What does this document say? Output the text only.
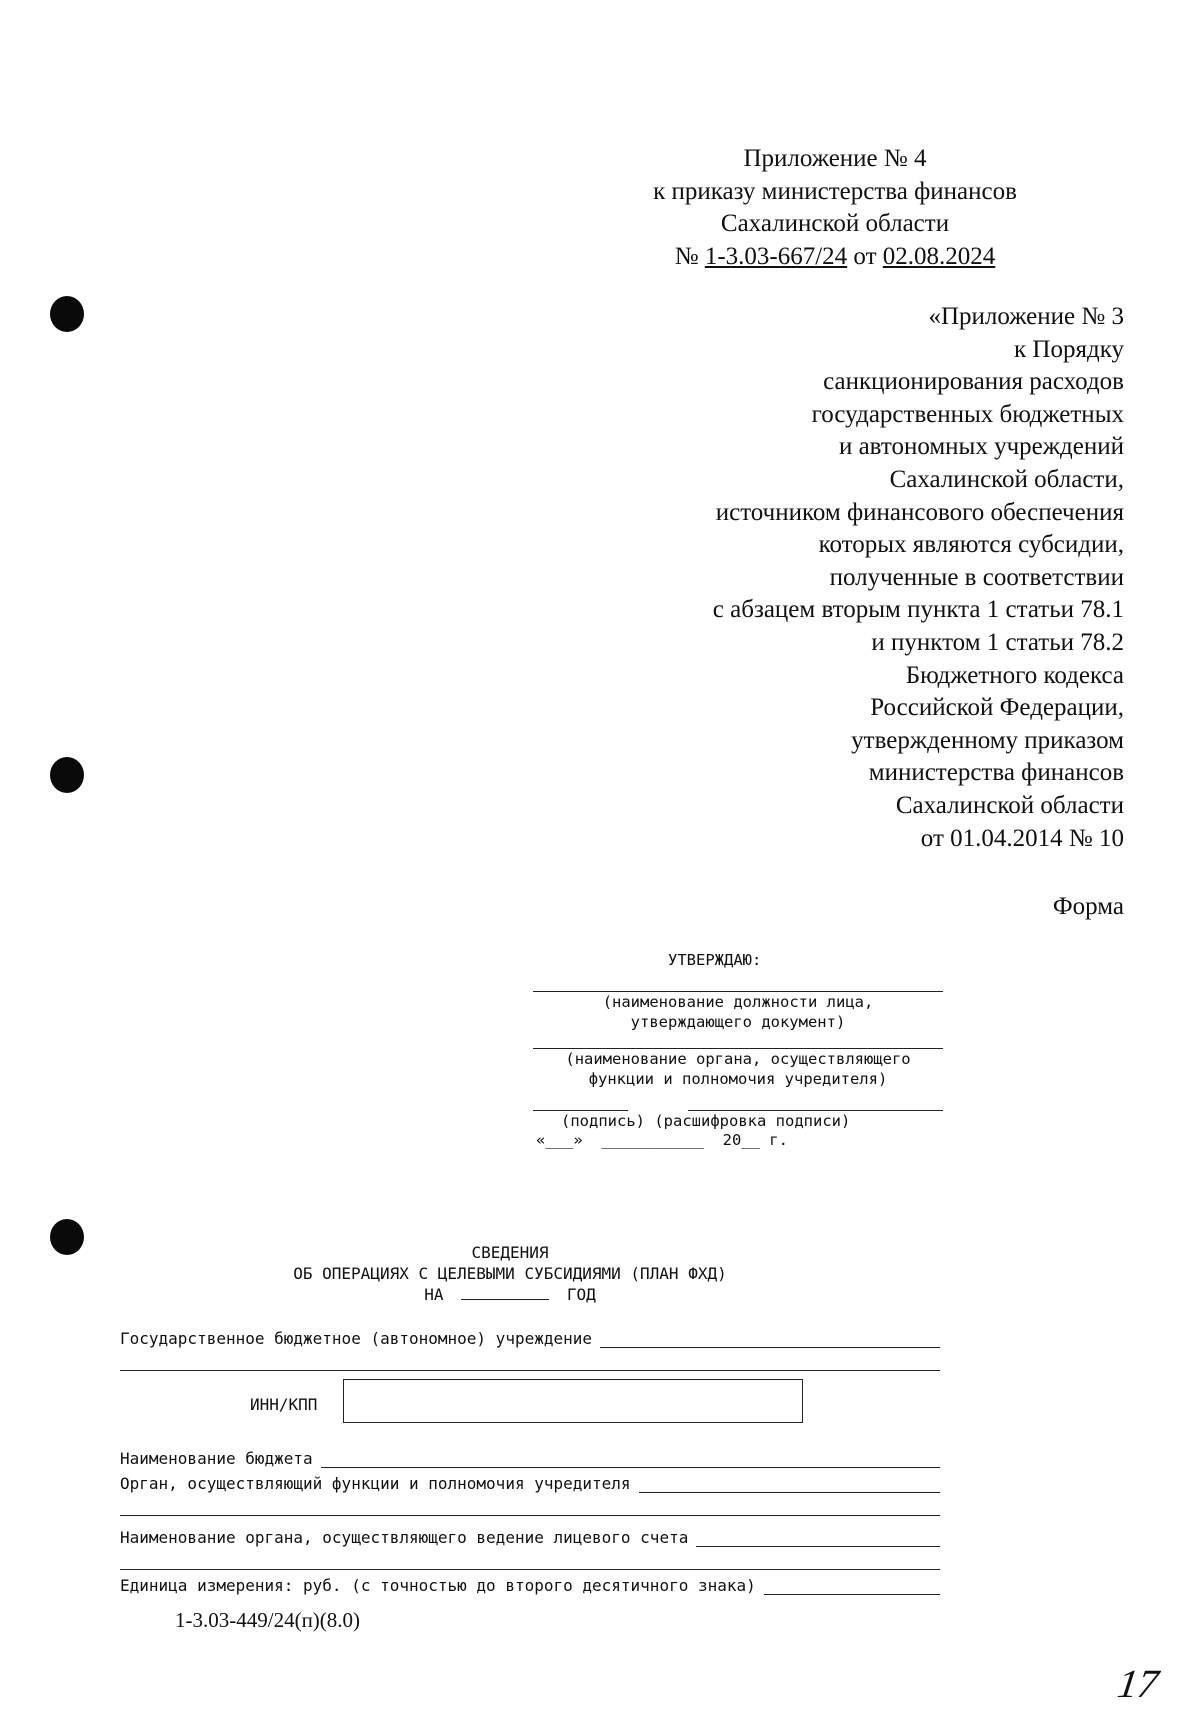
Приложение № 4
к приказу министерства финансов
Сахалинской области
№ 1-3.03-667/24 от 02.08.2024
«Приложение № 3
к Порядку
санкционирования расходов
государственных бюджетных
и автономных учреждений
Сахалинской области,
источником финансового обеспечения
которых являются субсидии,
полученные в соответствии
с абзацем вторым пункта 1 статьи 78.1
и пунктом 1 статьи 78.2
Бюджетного кодекса
Российской Федерации,
утвержденному приказом
министерства финансов
Сахалинской области
от 01.04.2014 № 10
Форма
УТВЕРЖДАЮ:
(наименование должности лица,
утверждающего документ)
(наименование органа, осуществляющего
функции и полномочия учредителя)
(подпись) (расшифровка подписи)
«___»  ___________  20__ г.
СВЕДЕНИЯ
ОБ ОПЕРАЦИЯХ С ЦЕЛЕВЫМИ СУБСИДИЯМИ (ПЛАН ФХД)
НА	ГОД
Государственное бюджетное (автономное) учреждение
ИНН/КПП
Наименование бюджета
Орган, осуществляющий функции и полномочия учредителя
Наименование органа, осуществляющего ведение лицевого счета
Единица измерения: руб. (с точностью до второго десятичного знака)
1-3.03-449/24(п)(8.0)
17
